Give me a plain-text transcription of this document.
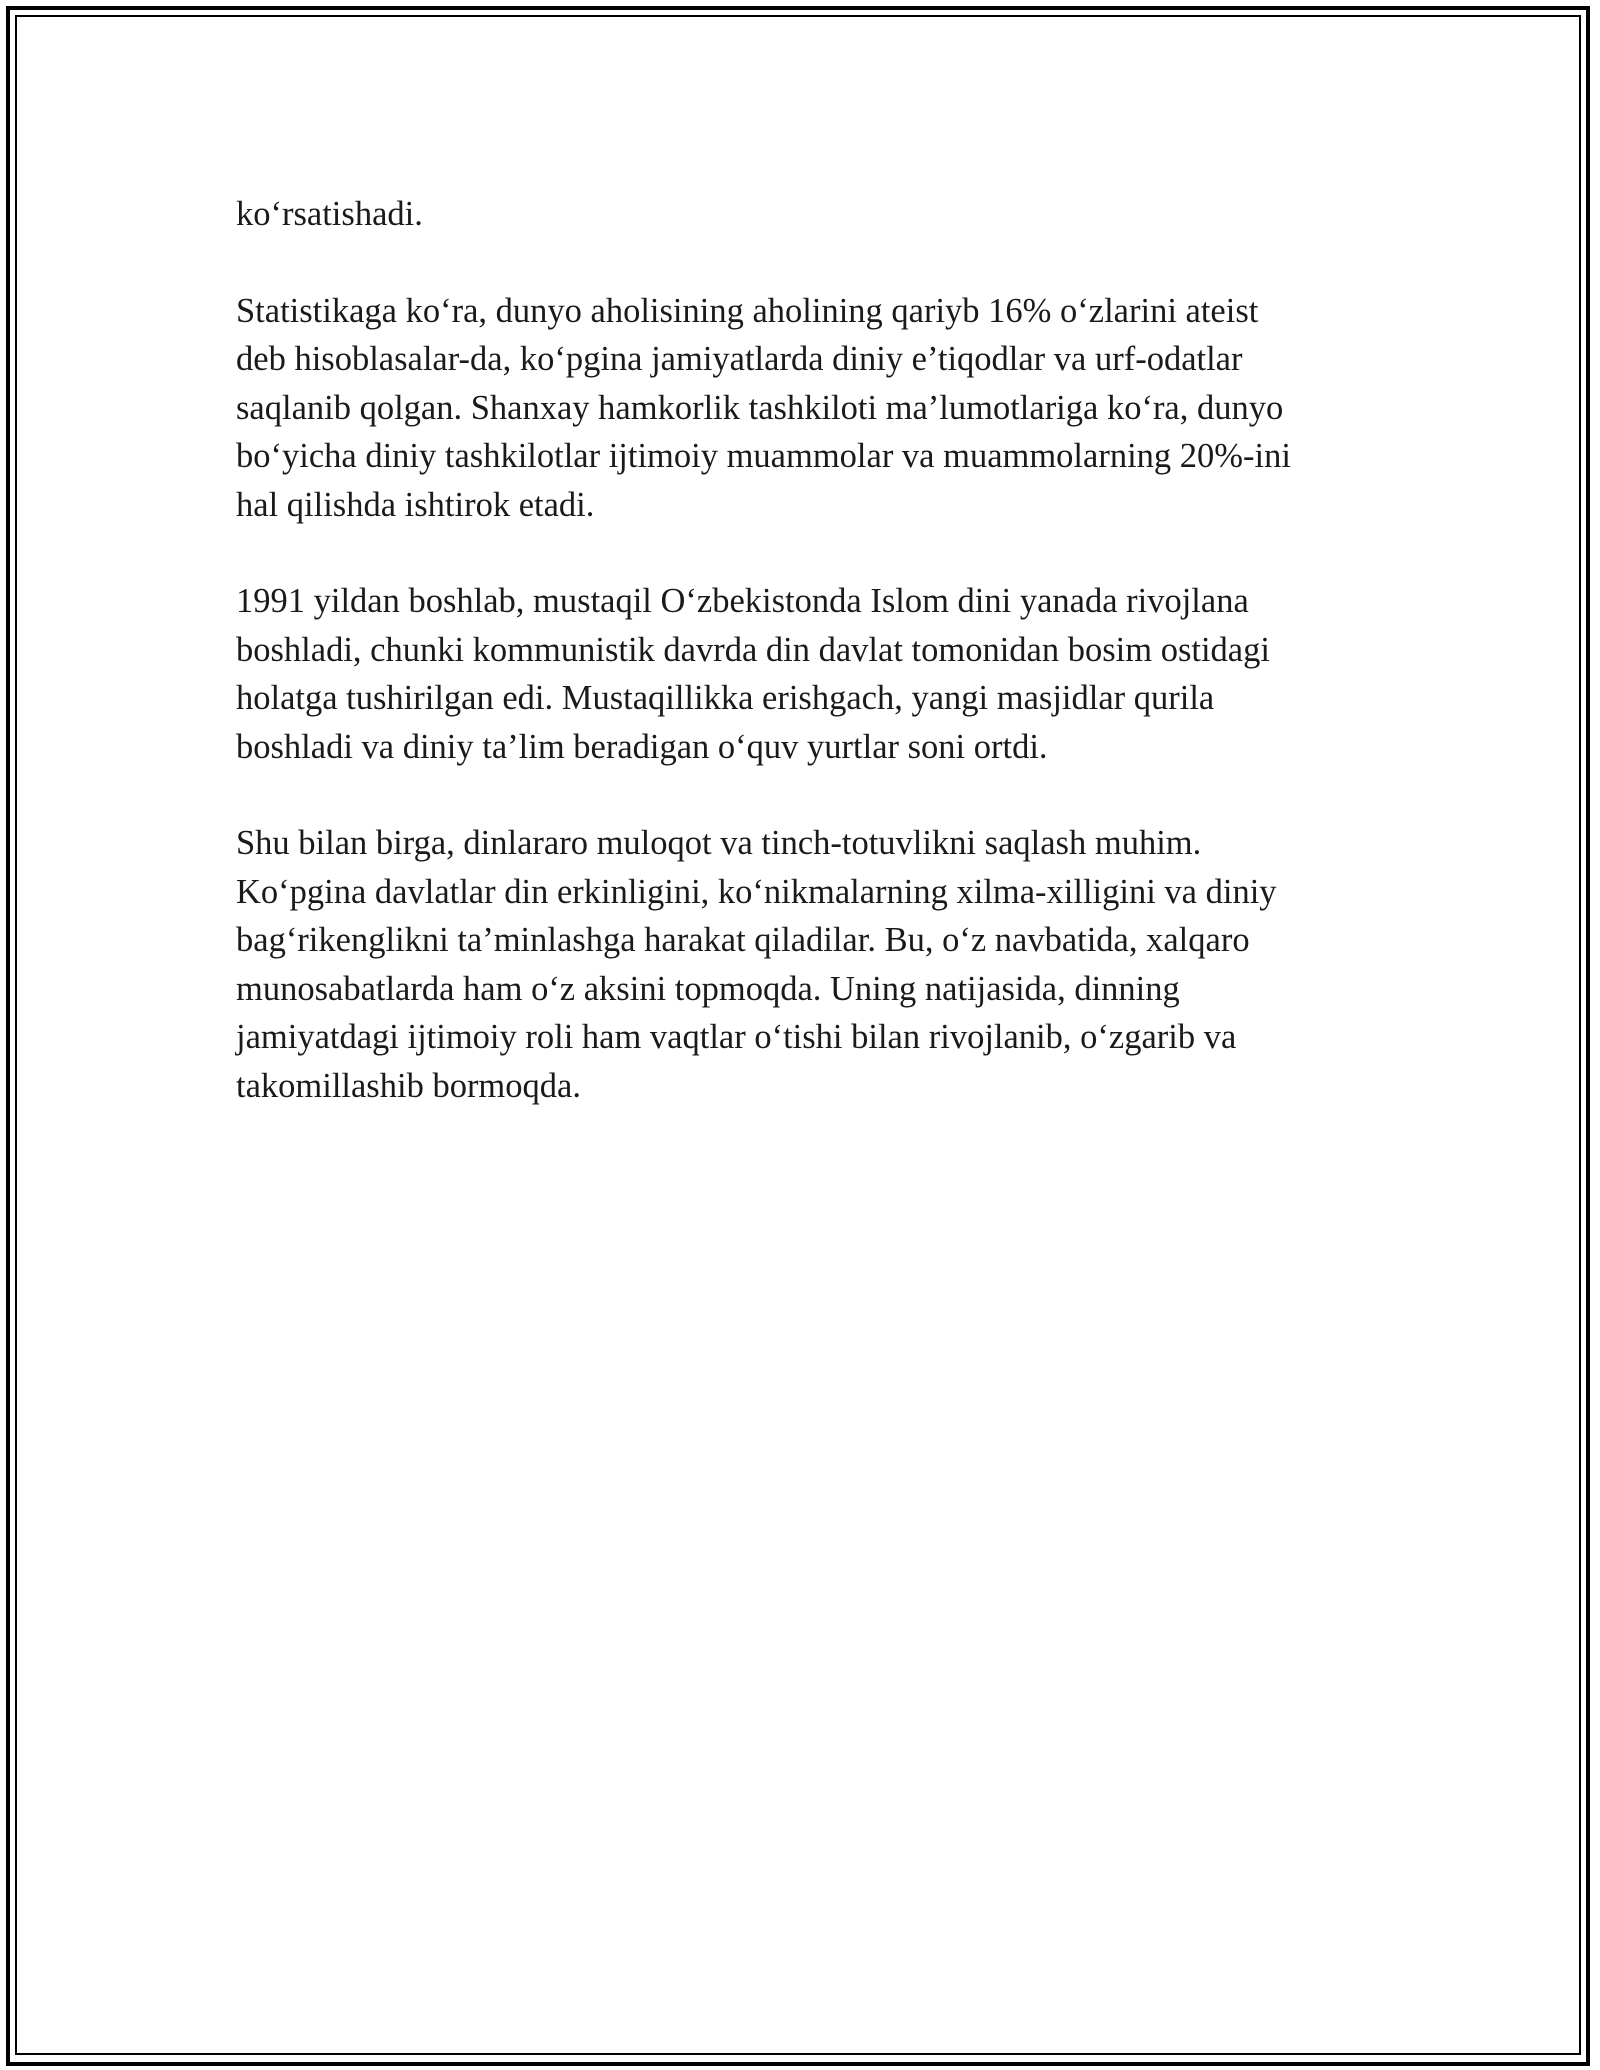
ko‘rsatishadi.

Statistikaga ko‘ra, dunyo aholisining aholining qariyb 16% o‘zlarini ateist
deb hisoblasalar-da, ko‘pgina jamiyatlarda diniy e’tiqodlar va urf-odatlar
saqlanib qolgan. Shanxay hamkorlik tashkiloti ma’lumotlariga ko‘ra, dunyo
bo‘yicha diniy tashkilotlar ijtimoiy muammolar va muammolarning 20%-ini
hal qilishda ishtirok etadi.

1991 yildan boshlab, mustaqil O‘zbekistonda Islom dini yanada rivojlana
boshladi, chunki kommunistik davrda din davlat tomonidan bosim ostidagi
holatga tushirilgan edi. Mustaqillikka erishgach, yangi masjidlar qurila
boshladi va diniy ta’lim beradigan o‘quv yurtlar soni ortdi.

Shu bilan birga, dinlararo muloqot va tinch-totuvlikni saqlash muhim.
Ko‘pgina davlatlar din erkinligini, ko‘nikmalarning xilma-xilligini va diniy
bag‘rikenglikni ta’minlashga harakat qiladilar. Bu, o‘z navbatida, xalqaro
munosabatlarda ham o‘z aksini topmoqda. Uning natijasida, dinning
jamiyatdagi ijtimoiy roli ham vaqtlar o‘tishi bilan rivojlanib, o‘zgarib va
takomillashib bormoqda.
